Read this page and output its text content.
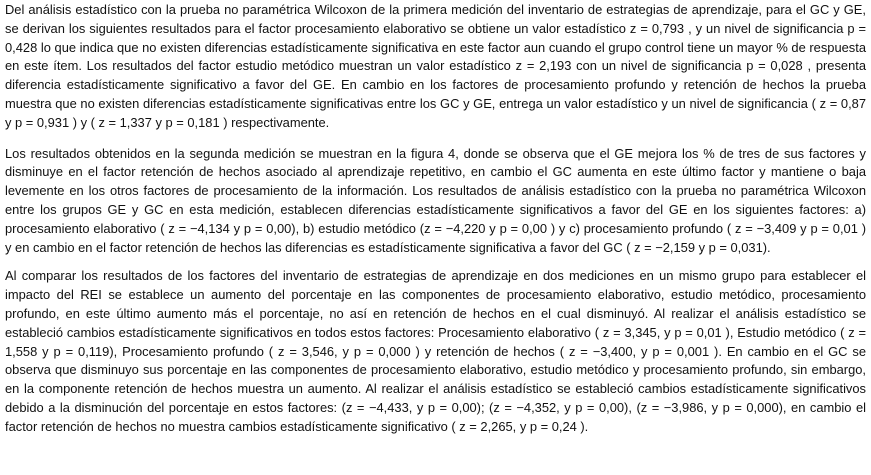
Del análisis estadístico con la prueba no paramétrica Wilcoxon de la primera medición del inventario de estrategias de aprendizaje, para el GC y GE, se derivan los siguientes resultados para el factor procesamiento elaborativo se obtiene un valor estadístico z = 0,793 , y un nivel de significancia p = 0,428 lo que indica que no existen diferencias estadísticamente significativa en este factor aun cuando el grupo control tiene un mayor % de respuesta en este ítem. Los resultados del factor estudio metódico muestran un valor estadístico z = 2,193 con un nivel de significancia p = 0,028 , presenta diferencia estadísticamente significativo a favor del GE. En cambio en los factores de procesamiento profundo y retención de hechos la prueba muestra que no existen diferencias estadísticamente significativas entre los GC y GE, entrega un valor estadístico y un nivel de significancia ( z = 0,87 y p = 0,931 ) y ( z = 1,337 y p = 0,181 ) respectivamente.

Los resultados obtenidos en la segunda medición se muestran en la figura 4, donde se observa que el GE mejora los % de tres de sus factores y disminuye en el factor retención de hechos asociado al aprendizaje repetitivo, en cambio el GC aumenta en este último factor y mantiene o baja levemente en los otros factores de procesamiento de la información. Los resultados de análisis estadístico con la prueba no paramétrica Wilcoxon entre los grupos GE y GC en esta medición, establecen diferencias estadísticamente significativos a favor del GE en los siguientes factores: a) procesamiento elaborativo ( z = −4,134 y p = 0,00), b) estudio metódico (z = −4,220 y p = 0,00 ) y c) procesamiento profundo ( z = −3,409 y p = 0,01 ) y en cambio en el factor retención de hechos las diferencias es estadísticamente significativa a favor del GC ( z = −2,159 y p = 0,031).

Al comparar los resultados de los factores del inventario de estrategias de aprendizaje en dos mediciones en un mismo grupo para establecer el impacto del REI se establece un aumento del porcentaje en las componentes de procesamiento elaborativo, estudio metódico, procesamiento profundo, en este último aumento más el porcentaje, no así en retención de hechos en el cual disminuyó. Al realizar el análisis estadístico se estableció cambios estadísticamente significativos en todos estos factores: Procesamiento elaborativo ( z = 3,345, y p = 0,01 ), Estudio metódico ( z = 1,558 y p = 0,119), Procesamiento profundo ( z = 3,546, y p = 0,000 ) y retención de hechos ( z = −3,400, y p = 0,001 ). En cambio en el GC se observa que disminuyo sus porcentaje en las componentes de procesamiento elaborativo, estudio metódico y procesamiento profundo, sin embargo, en la componente retención de hechos muestra un aumento. Al realizar el análisis estadístico se estableció cambios estadísticamente significativos debido a la disminución del porcentaje en estos factores: (z = −4,433, y p = 0,00); (z = −4,352, y p = 0,00), (z = −3,986, y p = 0,000), en cambio el factor retención de hechos no muestra cambios estadísticamente significativo ( z = 2,265, y p = 0,24 ).
